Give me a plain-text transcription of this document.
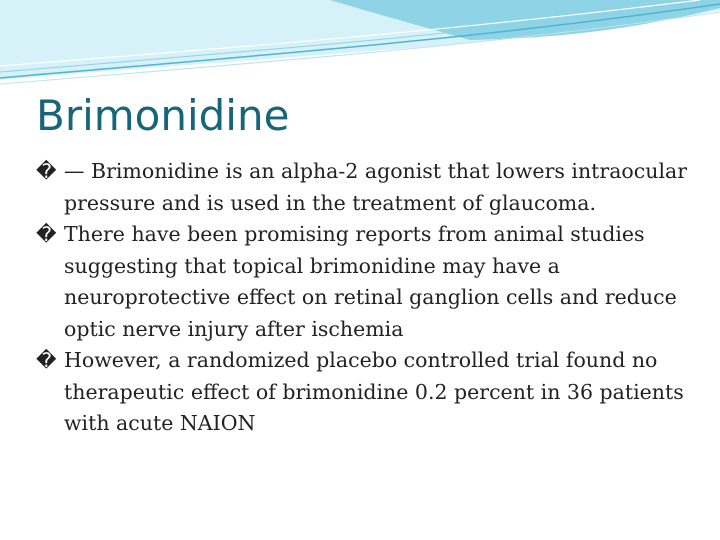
Brimonidine
� — Brimonidine is an alpha-2 agonist that lowers intraocular pressure and is used in the treatment of glaucoma.
� There have been promising reports from animal studies suggesting that topical brimonidine may have a neuroprotective effect on retinal ganglion cells and reduce optic nerve injury after ischemia
� However, a randomized placebo controlled trial found no therapeutic effect of brimonidine 0.2 percent in 36 patients with acute NAION
